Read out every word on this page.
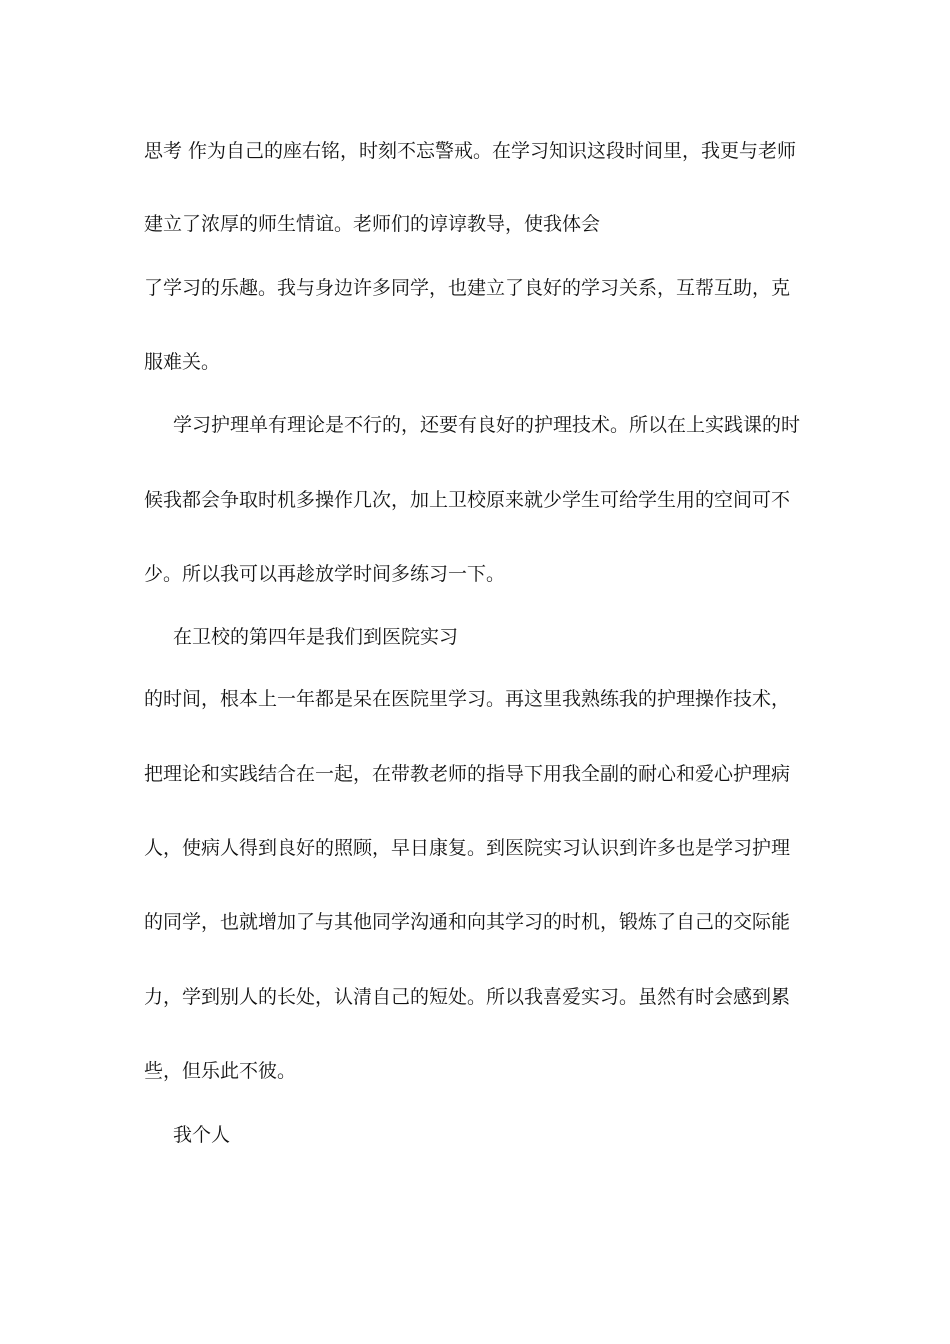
思考 作为自己的座右铭，时刻不忘警戒。在学习知识这段时间里，我更与老师
建立了浓厚的师生情谊。老师们的谆谆教导，使我体会
了学习的乐趣。我与身边许多同学，也建立了良好的学习关系，互帮互助，克
服难关。
学习护理单有理论是不行的，还要有良好的护理技术。所以在上实践课的时
候我都会争取时机多操作几次，加上卫校原来就少学生可给学生用的空间可不
少。所以我可以再趁放学时间多练习一下。
在卫校的第四年是我们到医院实习
的时间，根本上一年都是呆在医院里学习。再这里我熟练我的护理操作技术，
把理论和实践结合在一起，在带教老师的指导下用我全副的耐心和爱心护理病
人，使病人得到良好的照顾，早日康复。到医院实习认识到许多也是学习护理
的同学，也就增加了与其他同学沟通和向其学习的时机，锻炼了自己的交际能
力，学到别人的长处，认清自己的短处。所以我喜爱实习。虽然有时会感到累
些，但乐此不彼。
我个人
